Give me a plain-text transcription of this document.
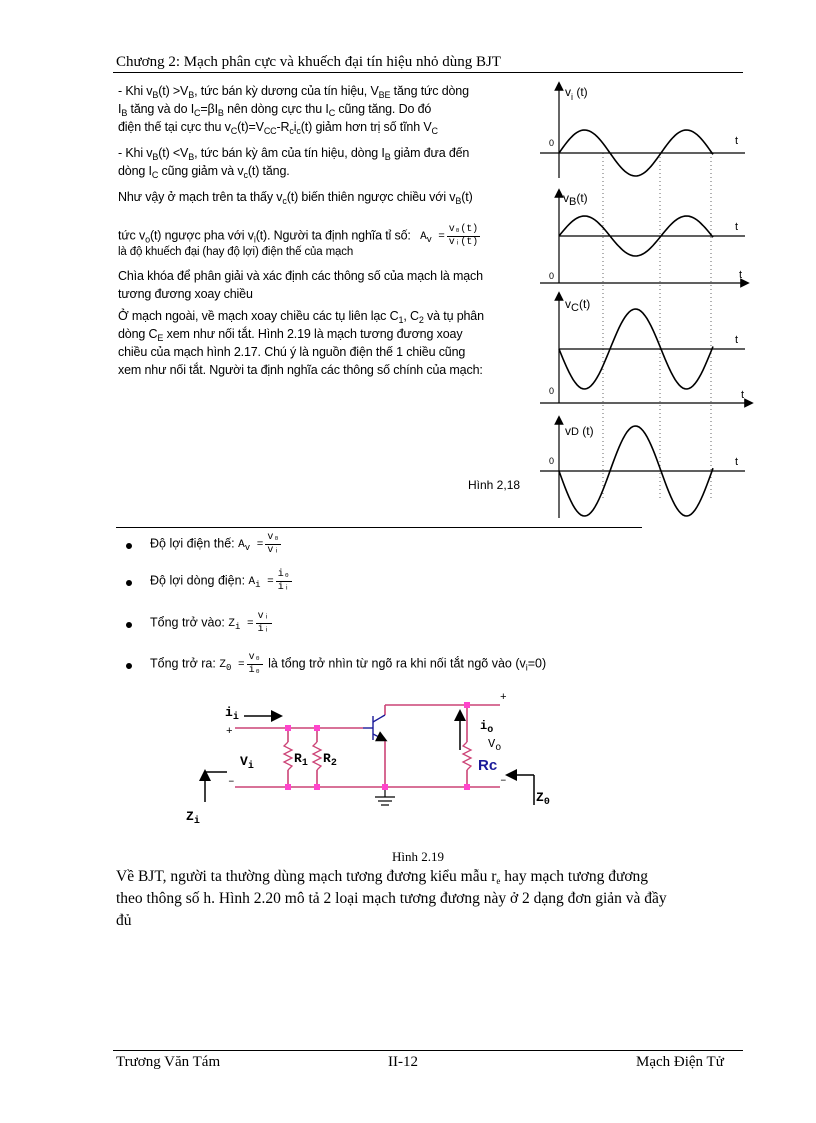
Chương 2: Mạch phân cực và khuếch đại tín hiệu nhỏ dùng BJT
- Khi $v_B(t) >V_B$, tức bán kỳ dương của tín hiệu, $V_{BE}$ tăng tức dòng
$I_B$ tăng và do $I_C=\beta I_B$ nên dòng cực thu $I_C$ cũng tăng. Do đó
điện thế tại cực thu $v_C(t)=V_{CC}-R_ci_c(t)$ giảm hơn trị số tĩnh $V_C$
- Khi $v_B(t) <V_B$, tức bán kỳ âm của tín hiệu, dòng $I_B$ giảm đưa đến
dòng $I_C$ cũng giảm và $v_c(t)$ tăng.
Như vậy ở mạch trên ta thấy $v_c(t)$ biến thiên ngược chiều với $v_B(t)$
tức $v_o(t)$ ngược pha với $v_i(t)$. Người ta định nghĩa tỉ số: $A_v = \frac{\text{v₀(t)}}{\text{vᵢ(t)}}$
là độ khuếch đại (hay độ lợi) điện thế của mạch
Chìa khóa để phân giải và xác định các thông số của mạch là mạch
tương đương xoay chiều
Ở mạch ngoài, về mạch xoay chiều các tụ liên lạc $C_1$, $C_2$ và tụ phân
dòng $C_E$ xem như nối tắt. Hình 2.19 là mạch tương đương xoay
chiều của mạch hình 2.17. Chú ý là nguồn điện thế 1 chiều cũng
xem như nối tắt. Người ta định nghĩa các thông số chính của mạch:
$v_i$ (t)
0	t
vB(t)
0
t
t
vC(t)
0
t
t
vD (t)
0	t
Hình 2,18
Độ lợi điện thế: $A_v = \frac{\text{v₀}}{\text{vᵢ}}$
Độ lợi dòng điện: $A_i = \frac{\text{i₀}}{\text{iᵢ}}$
Tổng trở vào: $Z_i = \frac{\text{vᵢ}}{\text{iᵢ}}$
Tổng trở ra: $Z_0 = \frac{\text{v₀}}{\text{i₀}}$ là tổng trở nhìn từ ngõ ra khi nối tắt ngõ vào $(v_i=0)$
$i_i$
+
$V_i$
–
$Z_i$
$R_1$ $R_2$
$i_o$
$V_o$
+
–
Rc
$Z_0$
Hình 2.19
Về BJT, người ta thường dùng mạch tương đương kiểu mẫu $r_e$ hay mạch tương đương
theo thông số h. Hình 2.20 mô tả 2 loại mạch tương đương này ở 2 dạng đơn giản và đầy
đủ
Trương Văn Tám	II-12	Mạch Điện Tử
